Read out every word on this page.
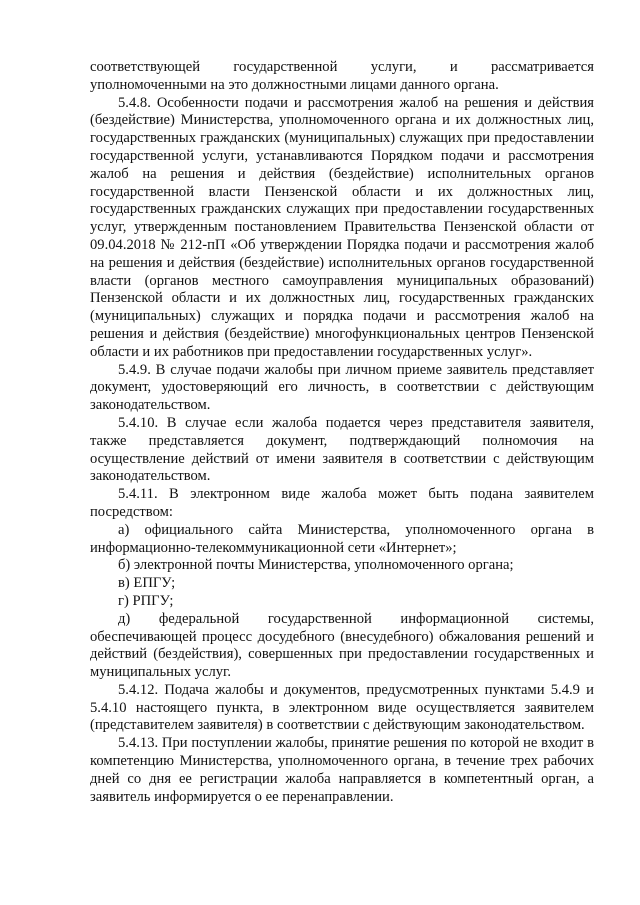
соответствующей государственной услуги, и рассматривается уполномоченными на это должностными лицами данного органа.

5.4.8. Особенности подачи и рассмотрения жалоб на решения и действия (бездействие) Министерства, уполномоченного органа и их должностных лиц, государственных гражданских (муниципальных) служащих при предоставлении государственной услуги, устанавливаются Порядком подачи и рассмотрения жалоб на решения и действия (бездействие) исполнительных органов государственной власти Пензенской области и их должностных лиц, государственных гражданских служащих при предоставлении государственных услуг, утвержденным постановлением Правительства Пензенской области от 09.04.2018 № 212-пП «Об утверждении Порядка подачи и рассмотрения жалоб на решения и действия (бездействие) исполнительных органов государственной власти (органов местного самоуправления муниципальных образований) Пензенской области и их должностных лиц, государственных гражданских (муниципальных) служащих и порядка подачи и рассмотрения жалоб на решения и действия (бездействие) многофункциональных центров Пензенской области и их работников при предоставлении государственных услуг».

5.4.9. В случае подачи жалобы при личном приеме заявитель представляет документ, удостоверяющий его личность, в соответствии с действующим законодательством.

5.4.10. В случае если жалоба подается через представителя заявителя, также представляется документ, подтверждающий полномочия на осуществление действий от имени заявителя в соответствии с действующим законодательством.

5.4.11. В электронном виде жалоба может быть подана заявителем посредством:

а) официального сайта Министерства, уполномоченного органа в информационно-телекоммуникационной сети «Интернет»;

б) электронной почты Министерства, уполномоченного органа;

в) ЕПГУ;

г) РПГУ;

д) федеральной государственной информационной системы, обеспечивающей процесс досудебного (внесудебного) обжалования решений и действий (бездействия), совершенных при предоставлении государственных и муниципальных услуг.

5.4.12. Подача жалобы и документов, предусмотренных пунктами 5.4.9 и 5.4.10 настоящего пункта, в электронном виде осуществляется заявителем (представителем заявителя) в соответствии с действующим законодательством.

5.4.13. При поступлении жалобы, принятие решения по которой не входит в компетенцию Министерства, уполномоченного органа, в течение трех рабочих дней со дня ее регистрации жалоба направляется в компетентный орган, а заявитель информируется о ее перенаправлении.
